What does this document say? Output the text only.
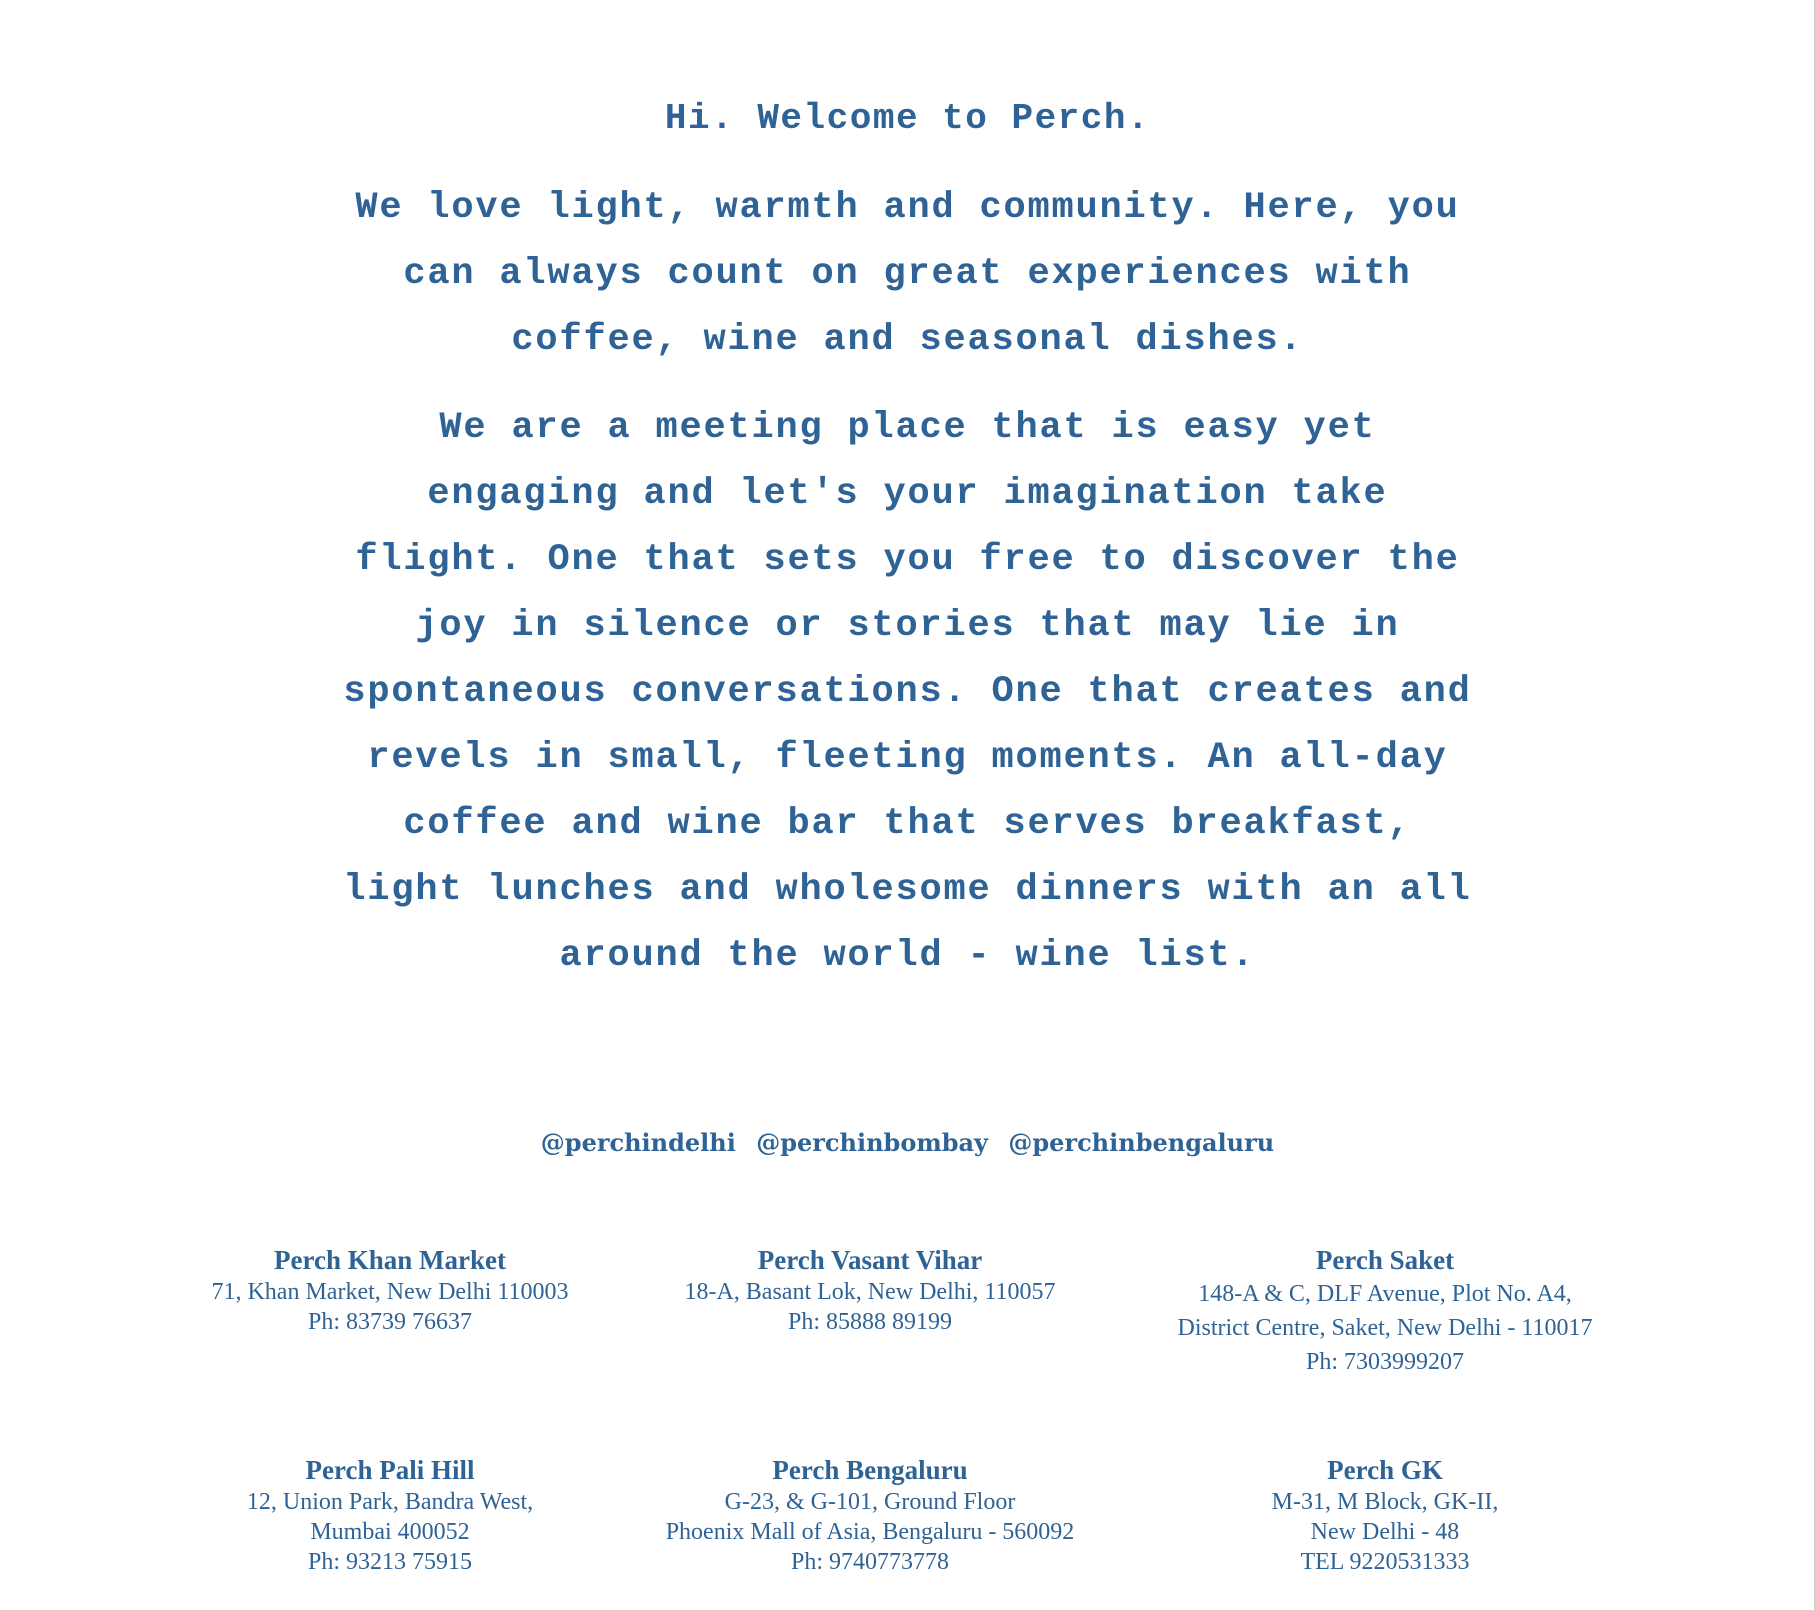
Hi. Welcome to Perch.
We love light, warmth and community. Here, you
can always count on great experiences with
coffee, wine and seasonal dishes.
We are a meeting place that is easy yet
engaging and let's your imagination take
flight. One that sets you free to discover the
joy in silence or stories that may lie in
spontaneous conversations. One that creates and
revels in small, fleeting moments. An all-day
coffee and wine bar that serves breakfast,
light lunches and wholesome dinners with an all
around the world - wine list.
@perchindelhi @perchinbombay @perchinbengaluru
Perch Khan Market
71, Khan Market, New Delhi 110003
Ph: 83739 76637
Perch Vasant Vihar
18-A, Basant Lok, New Delhi, 110057
Ph: 85888 89199
Perch Saket
148-A & C, DLF Avenue, Plot No. A4,
District Centre, Saket, New Delhi - 110017
Ph: 7303999207
Perch Pali Hill
12, Union Park, Bandra West,
Mumbai 400052
Ph: 93213 75915
Perch Bengaluru
G-23, & G-101, Ground Floor
Phoenix Mall of Asia, Bengaluru - 560092
Ph: 9740773778
Perch GK
M-31, M Block, GK-II,
New Delhi - 48
TEL 9220531333
